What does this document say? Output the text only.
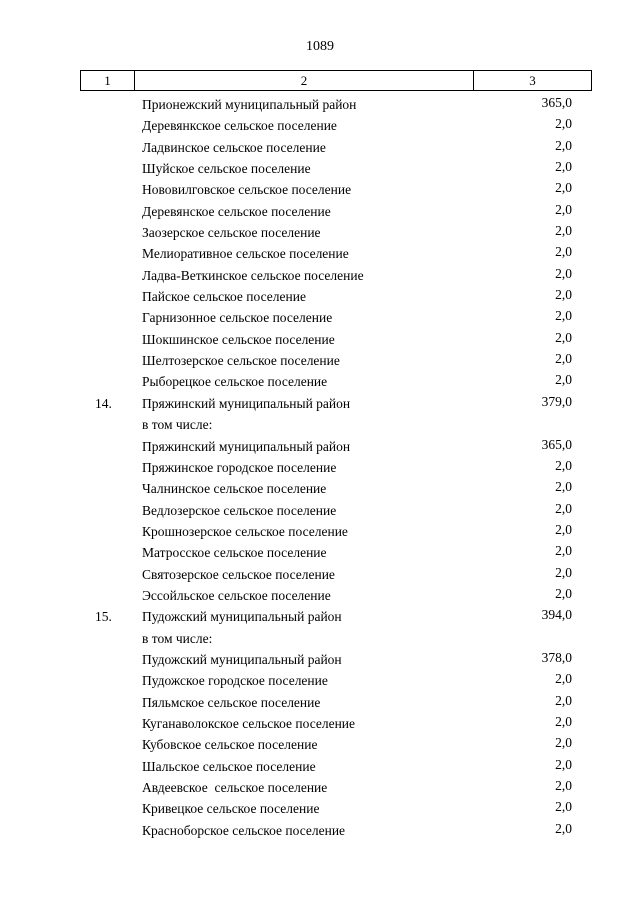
1089
1	2	3
Прионежский муниципальный район	365,0
Деревянкское сельское поселение	2,0
Ладвинское сельское поселение	2,0
Шуйское сельское поселение	2,0
Нововилговское сельское поселение	2,0
Деревянское сельское поселение	2,0
Заозерское сельское поселение	2,0
Мелиоративное сельское поселение	2,0
Ладва-Веткинское сельское поселение	2,0
Пайское сельское поселение	2,0
Гарнизонное сельское поселение	2,0
Шокшинское сельское поселение	2,0
Шелтозерское сельское поселение	2,0
Рыборецкое сельское поселение	2,0
14. Пряжинский муниципальный район	379,0
в том числе:
Пряжинский муниципальный район	365,0
Пряжинское городское поселение	2,0
Чалнинское сельское поселение	2,0
Ведлозерское сельское поселение	2,0
Крошнозерское сельское поселение	2,0
Матросское сельское поселение	2,0
Святозерское сельское поселение	2,0
Эссойльское сельское поселение	2,0
15. Пудожский муниципальный район	394,0
в том числе:
Пудожский муниципальный район	378,0
Пудожское городское поселение	2,0
Пяльмское сельское поселение	2,0
Куганаволокское сельское поселение	2,0
Кубовское сельское поселение	2,0
Шальское сельское поселение	2,0
Авдеевское  сельское поселение	2,0
Кривецкое сельское поселение	2,0
Красноборское сельское поселение	2,0
